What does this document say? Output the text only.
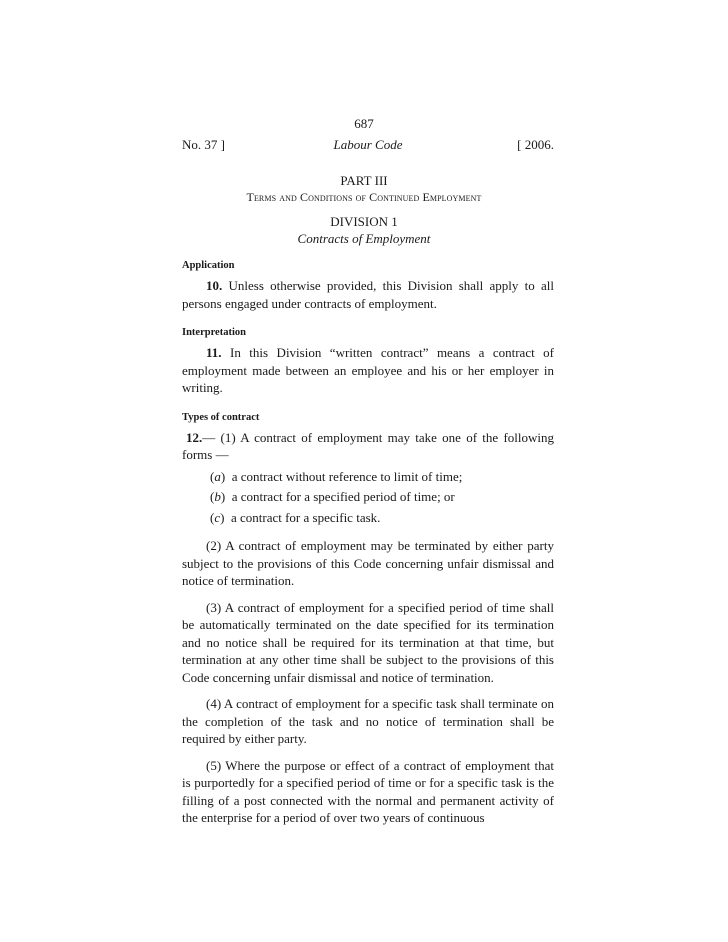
687
No. 37 ]	Labour Code	[ 2006.
PART III
Terms and Conditions of Continued Employment
DIVISION 1
Contracts of Employment
Application

10. Unless otherwise provided, this Division shall apply to all persons engaged under contracts of employment.

Interpretation

11. In this Division “written contract” means a contract of employment made between an employee and his or her employer in writing.

Types of contract

12.— (1) A contract of employment may take one of the following forms —

(a)  a contract without reference to limit of time;
(b)  a contract for a specified period of time; or
(c)  a contract for a specific task.

(2) A contract of employment may be terminated by either party subject to the provisions of this Code concerning unfair dismissal and notice of termination.

(3) A contract of employment for a specified period of time shall be automatically terminated on the date specified for its termination and no notice shall be required for its termination at that time, but termination at any other time shall be subject to the provisions of this Code concerning unfair dismissal and notice of termination.

(4) A contract of employment for a specific task shall terminate on the completion of the task and no notice of termination shall be required by either party.

(5) Where the purpose or effect of a contract of employment that is purportedly for a specified period of time or for a specific task is the filling of a post connected with the normal and permanent activity of the enterprise for a period of over two years of continuous
